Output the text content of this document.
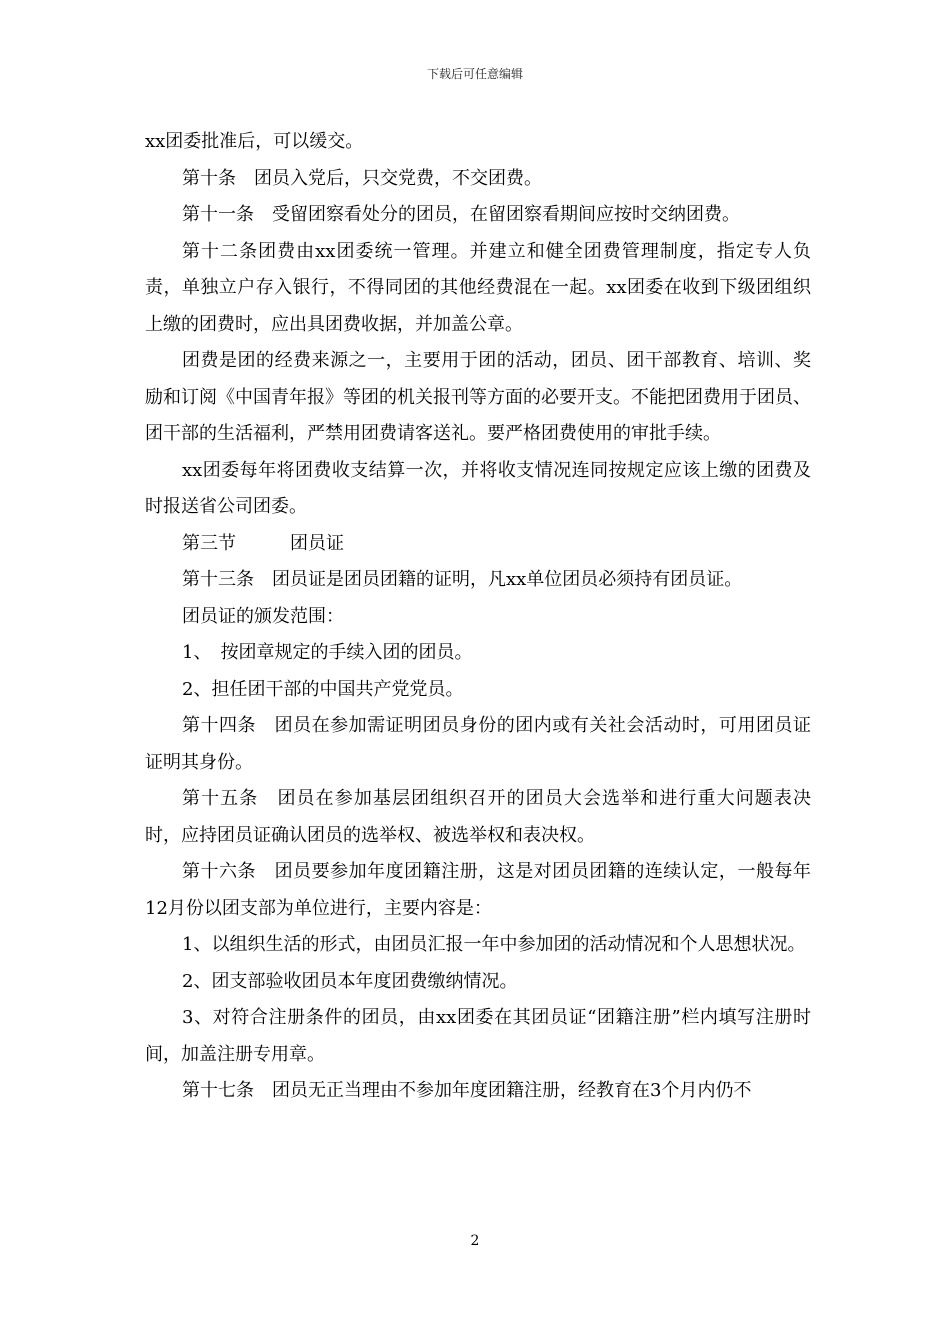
下载后可任意编辑

xx团委批准后，可以缓交。

第十条　团员入党后，只交党费，不交团费。

第十一条　受留团察看处分的团员，在留团察看期间应按时交纳团费。

第十二条团费由xx团委统一管理。并建立和健全团费管理制度，指定专人负责，单独立户存入银行，不得同团的其他经费混在一起。xx团委在收到下级团组织上缴的团费时，应出具团费收据，并加盖公章。

团费是团的经费来源之一，主要用于团的活动，团员、团干部教育、培训、奖励和订阅《中国青年报》等团的机关报刊等方面的必要开支。不能把团费用于团员、团干部的生活福利，严禁用团费请客送礼。要严格团费使用的审批手续。

xx团委每年将团费收支结算一次，并将收支情况连同按规定应该上缴的团费及时报送省公司团委。

第三节　　　团员证

第十三条　团员证是团员团籍的证明，凡xx单位团员必须持有团员证。

团员证的颁发范围：

1、　按团章规定的手续入团的团员。

2、担任团干部的中国共产党党员。

第十四条　团员在参加需证明团员身份的团内或有关社会活动时，可用团员证证明其身份。

第十五条　团员在参加基层团组织召开的团员大会选举和进行重大问题表决时，应持团员证确认团员的选举权、被选举权和表决权。

第十六条　团员要参加年度团籍注册，这是对团员团籍的连续认定，一般每年12月份以团支部为单位进行，主要内容是：

1、以组织生活的形式，由团员汇报一年中参加团的活动情况和个人思想状况。

2、团支部验收团员本年度团费缴纳情况。

3、对符合注册条件的团员，由xx团委在其团员证“团籍注册”栏内填写注册时间，加盖注册专用章。

第十七条　团员无正当理由不参加年度团籍注册，经教育在3个月内仍不

2
